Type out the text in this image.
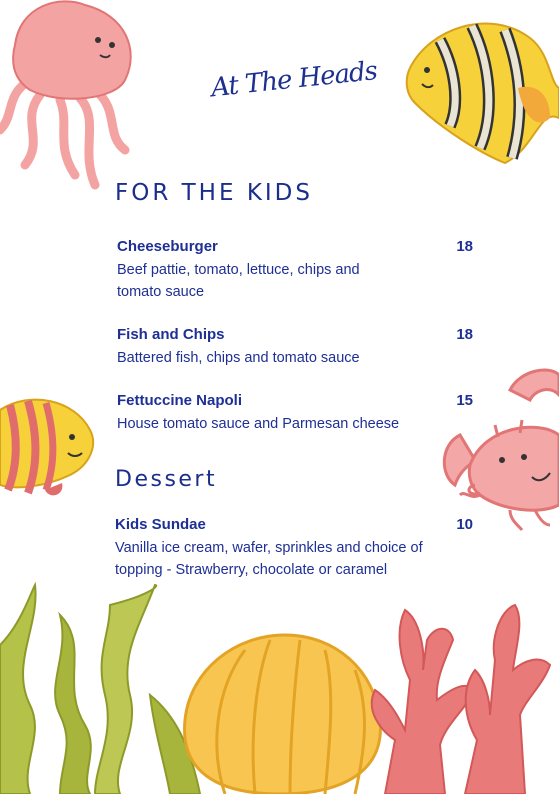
At The Heads
FOR THE KIDS
Cheeseburger	18
Beef pattie, tomato, lettuce, chips and tomato sauce
Fish and Chips	18
Battered fish, chips and tomato sauce
Fettuccine Napoli	15
House tomato sauce and Parmesan cheese
Dessert
Kids Sundae	10
Vanilla ice cream, wafer, sprinkles and choice of topping - Strawberry, chocolate or caramel
